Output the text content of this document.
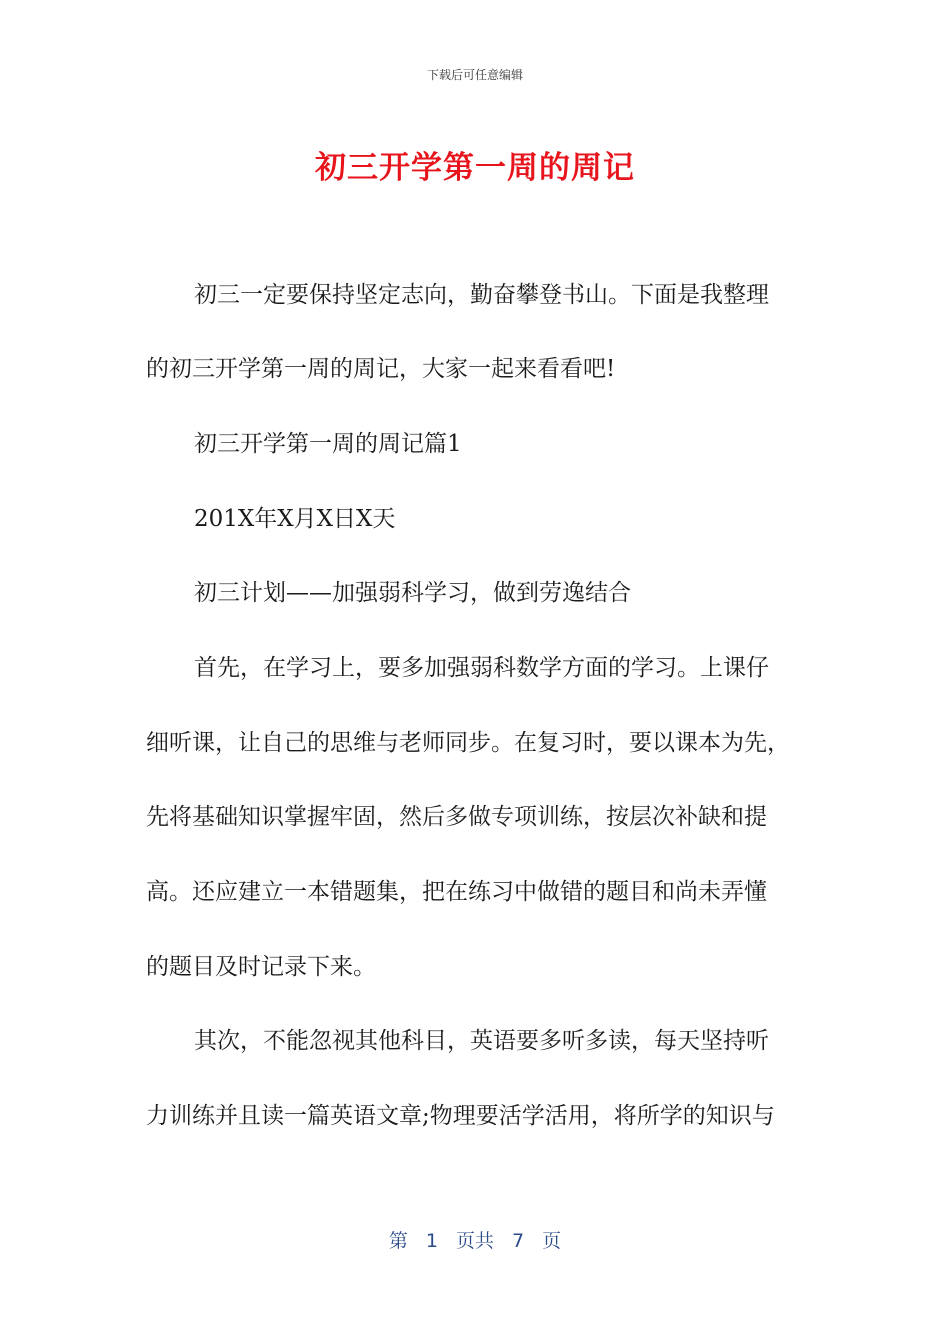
下载后可任意编辑
初三开学第一周的周记
初三一定要保持坚定志向，勤奋攀登书山。下面是我整理
的初三开学第一周的周记，大家一起来看看吧!
初三开学第一周的周记篇1
201X年X月X日X天
初三计划——加强弱科学习，做到劳逸结合
首先，在学习上，要多加强弱科数学方面的学习。上课仔
细听课，让自己的思维与老师同步。在复习时，要以课本为先，
先将基础知识掌握牢固，然后多做专项训练，按层次补缺和提
高。还应建立一本错题集，把在练习中做错的题目和尚未弄懂
的题目及时记录下来。
其次，不能忽视其他科目，英语要多听多读，每天坚持听
力训练并且读一篇英语文章;物理要活学活用，将所学的知识与
第 1 页共 7 页
